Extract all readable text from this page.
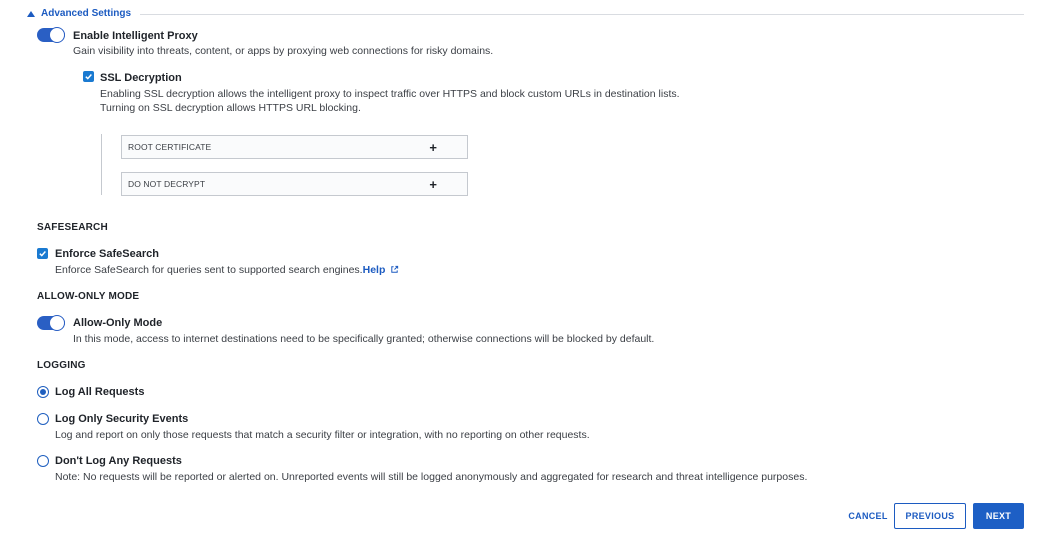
Advanced Settings
Enable Intelligent Proxy
Gain visibility into threats, content, or apps by proxying web connections for risky domains.
SSL Decryption
Enabling SSL decryption allows the intelligent proxy to inspect traffic over HTTPS and block custom URLs in destination lists.
Turning on SSL decryption allows HTTPS URL blocking.
ROOT CERTIFICATE	+
DO NOT DECRYPT	+
SAFESEARCH
Enforce SafeSearch
Enforce SafeSearch for queries sent to supported search engines.Help
ALLOW-ONLY MODE
Allow-Only Mode
In this mode, access to internet destinations need to be specifically granted; otherwise connections will be blocked by default.
LOGGING
Log All Requests
Log Only Security Events
Log and report on only those requests that match a security filter or integration, with no reporting on other requests.
Don't Log Any Requests
Note: No requests will be reported or alerted on. Unreported events will still be logged anonymously and aggregated for research and threat intelligence purposes.
CANCEL	PREVIOUS	NEXT
